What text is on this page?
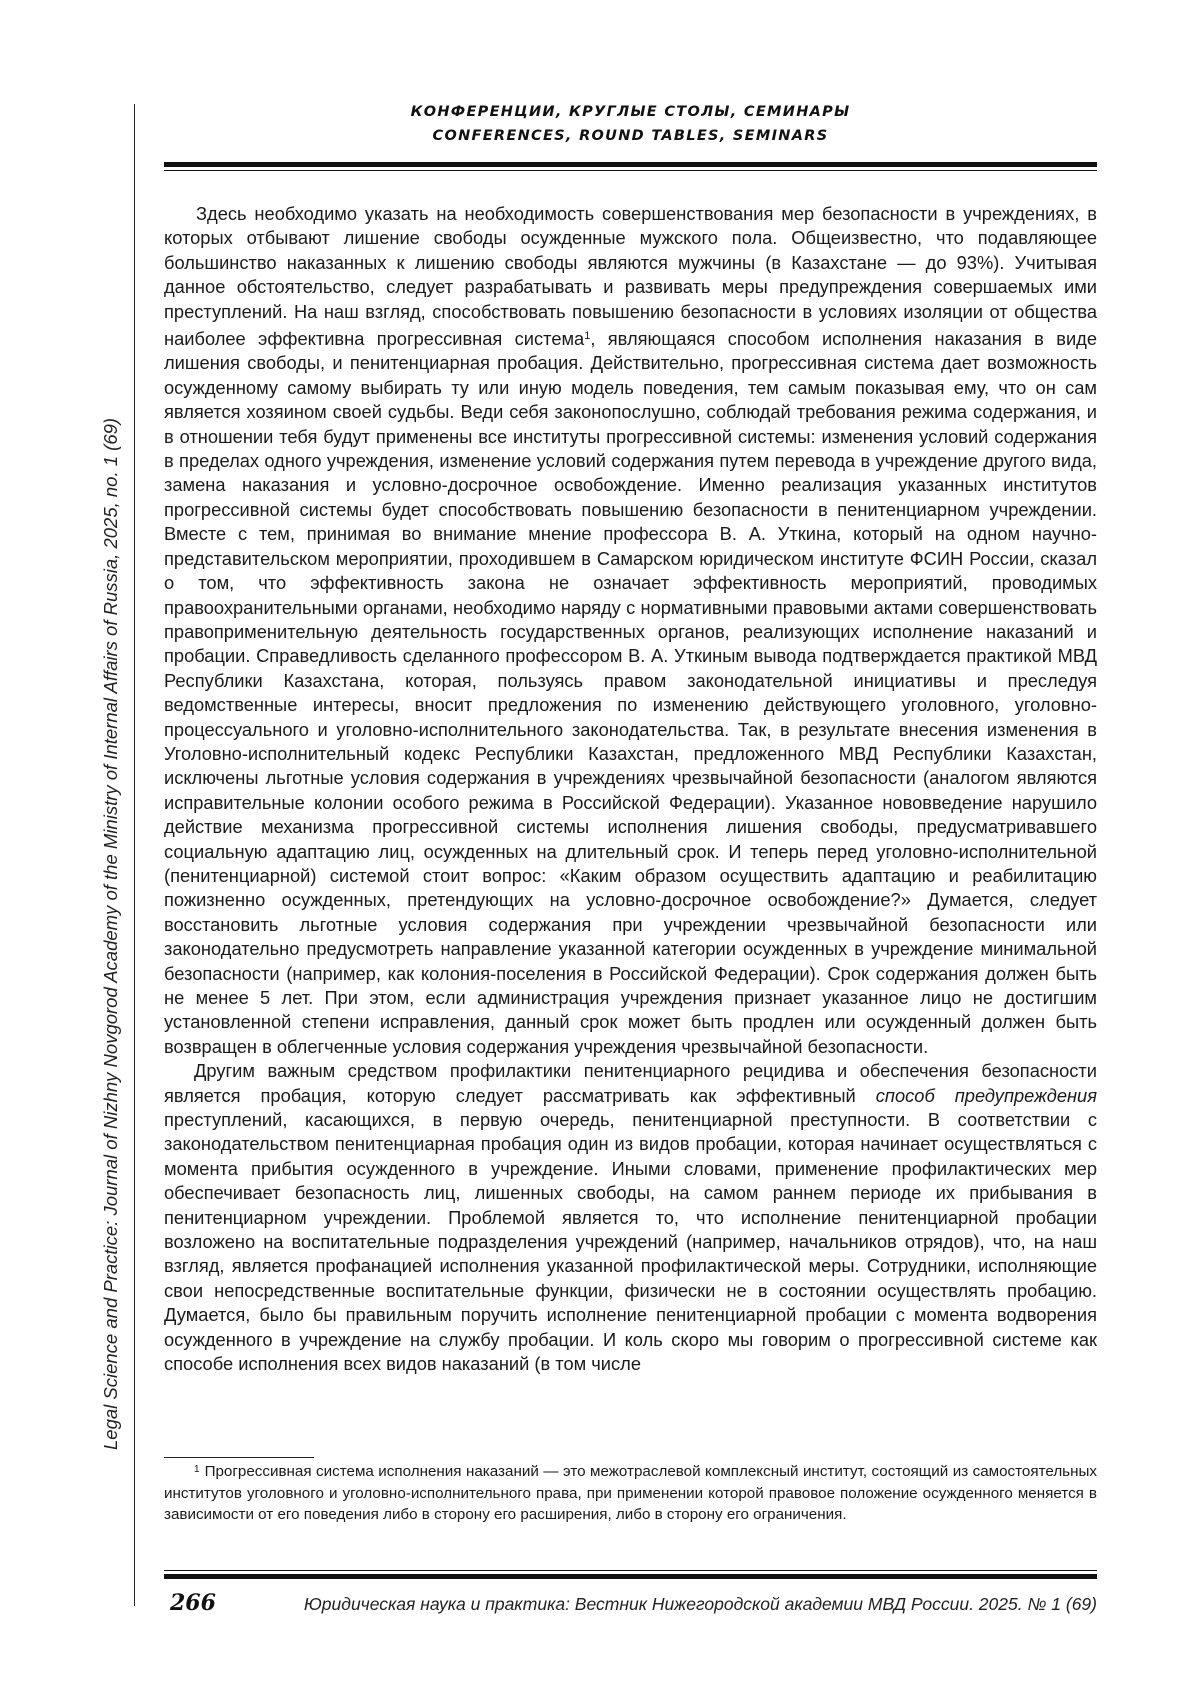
Legal Science and Practice: Journal of Nizhny Novgorod Academy of the Ministry of Internal Affairs of Russia, 2025, no. 1 (69)
КОНФЕРЕНЦИИ, КРУГЛЫЕ СТОЛЫ, СЕМИНАРЫ
CONFERENCES, ROUND TABLES, SEMINARS

Здесь необходимо указать на необходимость совершенствования мер безопасности в учреждениях, в которых отбывают лишение свободы осужденные мужского пола. Общеизвестно, что подавляющее большинство наказанных к лишению свободы являются мужчины (в Казахстане — до 93%). Учитывая данное обстоятельство, следует разрабатывать и развивать меры предупреждения совершаемых ими преступлений. На наш взгляд, способствовать повышению безопасности в условиях изоляции от общества наиболее эффективна прогрессивная система$^1$, являющаяся способом исполнения наказания в виде лишения свободы, и пенитенциарная пробация. Действительно, прогрессивная система дает возможность осужденному самому выбирать ту или иную модель поведения, тем самым показывая ему, что он сам является хозяином своей судьбы. Веди себя законопослушно, соблюдай требования режима содержания, и в отношении тебя будут применены все институты прогрессивной системы: изменения условий содержания в пределах одного учреждения, изменение условий содержания путем перевода в учреждение другого вида, замена наказания и условно-досрочное освобождение. Именно реализация указанных институтов прогрессивной системы будет способствовать повышению безопасности в пенитенциарном учреждении. Вместе с тем, принимая во внимание мнение профессора В. А. Уткина, который на одном научно-представительском мероприятии, проходившем в Самарском юридическом институте ФСИН России, сказал о том, что эффективность закона не означает эффективность мероприятий, проводимых правоохранительными органами, необходимо наряду с нормативными правовыми актами совершенствовать правоприменительную деятельность государственных органов, реализующих исполнение наказаний и пробации. Справедливость сделанного профессором В. А. Уткиным вывода подтверждается практикой МВД Республики Казахстана, которая, пользуясь правом законодательной инициативы и преследуя ведомственные интересы, вносит предложения по изменению действующего уголовного, уголовно-процессуального и уголовно-исполнительного законодательства. Так, в результате внесения изменения в Уголовно-исполнительный кодекс Республики Казахстан, предложенного МВД Республики Казахстан, исключены льготные условия содержания в учреждениях чрезвычайной безопасности (аналогом являются исправительные колонии особого режима в Российской Федерации). Указанное нововведение нарушило действие механизма прогрессивной системы исполнения лишения свободы, предусматривавшего социальную адаптацию лиц, осужденных на длительный срок. И теперь перед уголовно-исполнительной (пенитенциарной) системой стоит вопрос: «Каким образом осуществить адаптацию и реабилитацию пожизненно осужденных, претендующих на условно-досрочное освобождение?» Думается, следует восстановить льготные условия содержания при учреждении чрезвычайной безопасности или законодательно предусмотреть направление указанной категории осужденных в учреждение минимальной безопасности (например, как колония-поселения в Российской Федерации). Срок содержания должен быть не менее 5 лет. При этом, если администрация учреждения признает указанное лицо не достигшим установленной степени исправления, данный срок может быть продлен или осужденный должен быть возвращен в облегченные условия содержания учреждения чрезвычайной безопасности.

Другим важным средством профилактики пенитенциарного рецидива и обеспечения безопасности является пробация, которую следует рассматривать как эффективный способ предупреждения преступлений, касающихся, в первую очередь, пенитенциарной преступности. В соответствии с законодательством пенитенциарная пробация один из видов пробации, которая начинает осуществляться с момента прибытия осужденного в учреждение. Иными словами, применение профилактических мер обеспечивает безопасность лиц, лишенных свободы, на самом раннем периоде их прибывания в пенитенциарном учреждении. Проблемой является то, что исполнение пенитенциарной пробации возложено на воспитательные подразделения учреждений (например, начальников отрядов), что, на наш взгляд, является профанацией исполнения указанной профилактической меры. Сотрудники, исполняющие свои непосредственные воспитательные функции, физически не в состоянии осуществлять пробацию. Думается, было бы правильным поручить исполнение пенитенциарной пробации с момента водворения осужденного в учреждение на службу пробации. И коль скоро мы говорим о прогрессивной системе как способе исполнения всех видов наказаний (в том числе

$^1$ Прогрессивная система исполнения наказаний — это межотраслевой комплексный институт, состоящий из самостоятельных институтов уголовного и уголовно-исполнительного права, при применении которой правовое положение осужденного меняется в зависимости от его поведения либо в сторону его расширения, либо в сторону его ограничения.

266	Юридическая наука и практика: Вестник Нижегородской академии МВД России. 2025. № 1 (69)
